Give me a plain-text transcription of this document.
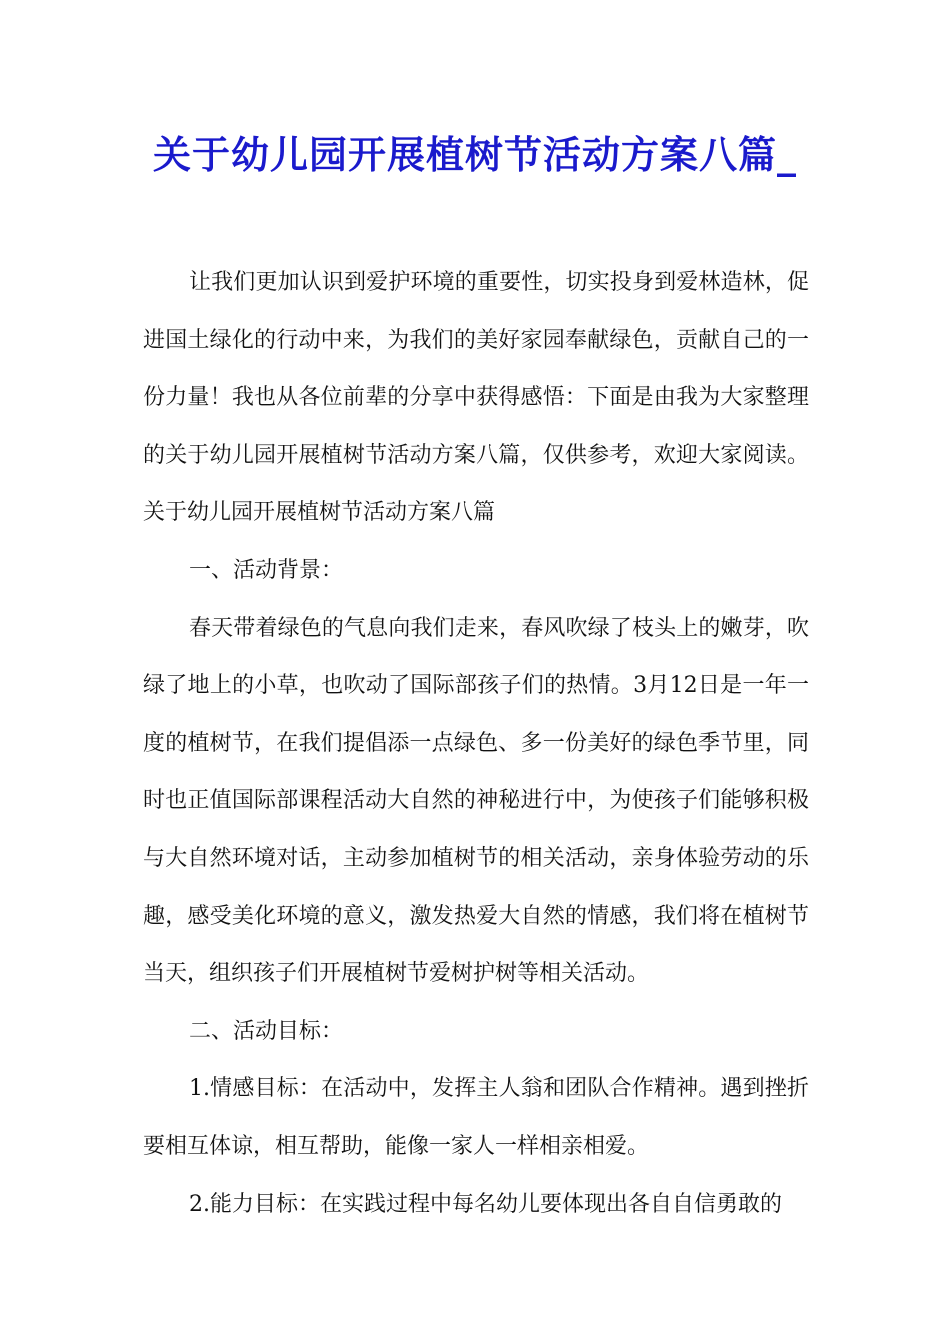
关于幼儿园开展植树节活动方案八篇_

让我们更加认识到爱护环境的重要性，切实投身到爱林造林，促进国土绿化的行动中来，为我们的美好家园奉献绿色，贡献自己的一份力量！我也从各位前辈的分享中获得感悟：下面是由我为大家整理的关于幼儿园开展植树节活动方案八篇，仅供参考，欢迎大家阅读。关于幼儿园开展植树节活动方案八篇

一、活动背景：

春天带着绿色的气息向我们走来，春风吹绿了枝头上的嫩芽，吹绿了地上的小草，也吹动了国际部孩子们的热情。3月12日是一年一度的植树节，在我们提倡添一点绿色、多一份美好的绿色季节里，同时也正值国际部课程活动大自然的神秘进行中，为使孩子们能够积极与大自然环境对话，主动参加植树节的相关活动，亲身体验劳动的乐趣，感受美化环境的意义，激发热爱大自然的情感，我们将在植树节当天，组织孩子们开展植树节爱树护树等相关活动。

二、活动目标：

1.情感目标：在活动中，发挥主人翁和团队合作精神。遇到挫折要相互体谅，相互帮助，能像一家人一样相亲相爱。

2.能力目标：在实践过程中每名幼儿要体现出各自自信勇敢的
